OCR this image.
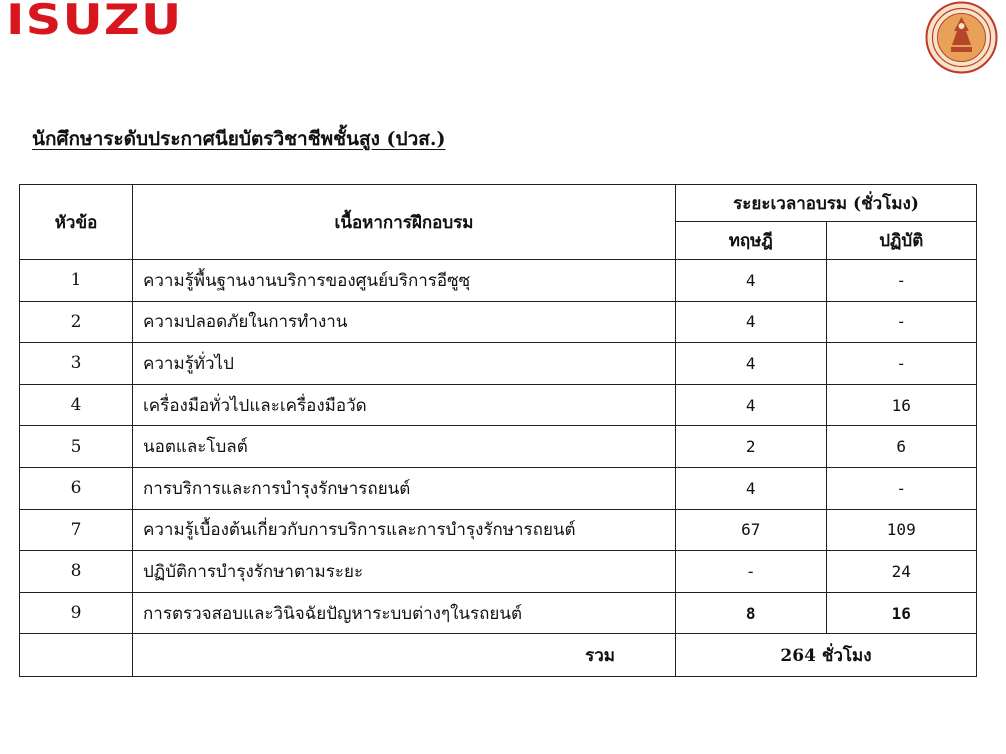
ISUZU
นักศึกษาระดับประกาศนียบัตรวิชาชีพชั้นสูง (ปวส.)
หัวข้อ	เนื้อหาการฝึกอบรม	ระยะเวลาอบรม (ชั่วโมง)	
		ทฤษฎี	ปฏิบัติ
1	ความรู้พื้นฐานงานบริการของศูนย์บริการอีซูซุ	4	-
2	ความปลอดภัยในการทำงาน	4	-
3	ความรู้ทั่วไป	4	-
4	เครื่องมือทั่วไปและเครื่องมือวัด	4	16
5	นอตและโบลต์	2	6
6	การบริการและการบำรุงรักษารถยนต์	4	-
7	ความรู้เบื้องต้นเกี่ยวกับการบริการและการบำรุงรักษารถยนต์	67	109
8	ปฏิบัติการบำรุงรักษาตามระยะ	-	24
9	การตรวจสอบและวินิจฉัยปัญหาระบบต่างๆในรถยนต์	8	16
	รวม	264 ชั่วโมง	
